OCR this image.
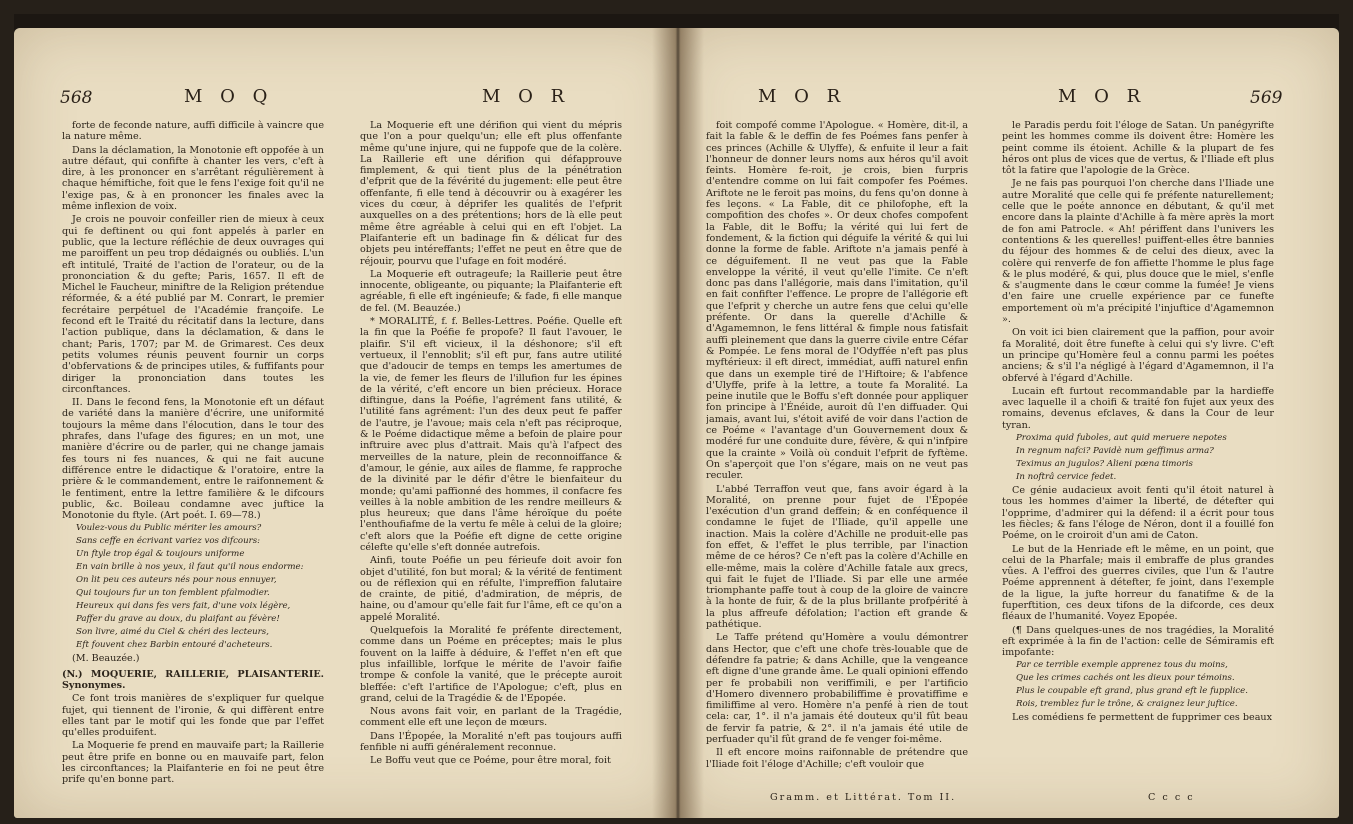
568	M O Q	M O R

forte de feconde nature, auffi difficile à vaincre que la nature même.

Dans la déclamation, la Monotonie eft oppofée à un autre défaut, qui confifte à chanter les vers, c'eft à dire, à les prononcer en s'arrêtant régulièrement à chaque hémiftiche, foit que le fens l'exige foit qu'il ne l'exige pas, & à en prononcer les finales avec la même inflexion de voix.

Je crois ne pouvoir confeiller rien de mieux à ceux qui fe deftinent ou qui font appelés à parler en public, que la lecture réfléchie de deux ouvrages qui me paroiffent un peu trop dédaignés ou oubliés. L'un eft intitulé, Traité de l'action de l'orateur, ou de la prononciation & du gefte; Paris, 1657. Il eft de Michel le Faucheur, miniftre de la Religion prétendue réformée, & a été publié par M. Conrart, le premier fecrétaire perpétuel de l'Académie françoife. Le fecond eft le Traité du récitatif dans la lecture, dans l'action publique, dans la déclamation, & dans le chant; Paris, 1707; par M. de Grimarest. Ces deux petits volumes réunis peuvent fournir un corps d'obfervations & de principes utiles, & fuffifants pour diriger la prononciation dans toutes les circonftances.

II. Dans le fecond fens, la Monotonie eft un défaut de variété dans la manière d'écrire, une uniformité toujours la même dans l'élocution, dans le tour des phrafes, dans l'ufage des figures; en un mot, une manière d'écrire ou de parler, qui ne change jamais fes tours ni fes nuances, & qui ne fait aucune différence entre le didactique & l'oratoire, entre la prière & le commandement, entre le raifonnement & le fentiment, entre la lettre familière & le difcours public, &c. Boileau condamne avec juftice la Monotonie du ftyle. (Art poét. I. 69—78.)

Voulez-vous du Public mériter les amours?

Sans ceffe en écrivant variez vos difcours:

Un ftyle trop égal & toujours uniforme

En vain brille à nos yeux, il faut qu'il nous endorme:

On lit peu ces auteurs nés pour nous ennuyer,

Qui toujours fur un ton femblent pfalmodier.

Heureux qui dans fes vers fait, d'une voix légère,

Paffer du grave au doux, du plaifant au févère!

Son livre, aimé du Ciel & chéri des lecteurs,

Eft fouvent chez Barbin entouré d'acheteurs.

(M. Beauzée.)

(N.) MOQUERIE, RAILLERIE, PLAISANTERIE. Synonymes.

Ce font trois manières de s'expliquer fur quelque fujet, qui tiennent de l'ironie, & qui diffèrent entre elles tant par le motif qui les fonde que par l'effet qu'elles produifent.

La Moquerie fe prend en mauvaife part; la Raillerie peut être prife en bonne ou en mauvaife part, felon les circonftances; la Plaifanterie en foi ne peut être prife qu'en bonne part.

La Moquerie eft une dérifion qui vient du mépris que l'on a pour quelqu'un; elle eft plus offenfante même qu'une injure, qui ne fuppofe que de la colère. La Raillerie eft une dérifion qui défapprouve fimplement, & qui tient plus de la pénétration d'efprit que de la févérité du jugement: elle peut être offenfante, fi elle tend à découvrir ou à exagérer les vices du cœur, à déprifer les qualités de l'efprit auxquelles on a des prétentions; hors de là elle peut même être agréable à celui qui en eft l'objet. La Plaifanterie eft un badinage fin & délicat fur des objets peu intéreffants; l'effet ne peut en être que de réjouir, pourvu que l'ufage en foit modéré.

La Moquerie eft outrageufe; la Raillerie peut être innocente, obligeante, ou piquante; la Plaifanterie eft agréable, fi elle eft ingénieufe; & fade, fi elle manque de fel. (M. Beauzée.)

* MORALITÉ, f. f. Belles-Lettres. Poéfie. Quelle eft la fin que la Poéfie fe propofe? Il faut l'avouer, le plaifir. S'il eft vicieux, il la déshonore; s'il eft vertueux, il l'ennoblit; s'il eft pur, fans autre utilité que d'adoucir de temps en temps les amertumes de la vie, de femer les fleurs de l'illufion fur les épines de la vérité, c'eft encore un bien précieux. Horace diftingue, dans la Poéfie, l'agrément fans utilité, & l'utilité fans agrément: l'un des deux peut fe paffer de l'autre, je l'avoue; mais cela n'eft pas réciproque, & le Poéme didactique même a befoin de plaire pour inftruire avec plus d'attrait. Mais qu'à l'afpect des merveilles de la nature, plein de reconnoiffance & d'amour, le génie, aux ailes de flamme, fe rapproche de la divinité par le défir d'être le bienfaiteur du monde; qu'ami paffionné des hommes, il confacre fes veilles à la noble ambition de les rendre meilleurs & plus heureux; que dans l'âme héroïque du poéte l'enthoufiafme de la vertu fe mêle à celui de la gloire; c'eft alors que la Poéfie eft digne de cette origine célefte qu'elle s'eft donnée autrefois.

Ainfi, toute Poéfie un peu férieufe doit avoir fon objet d'utilité, fon but moral; & la vérité de fentiment ou de réflexion qui en réfulte, l'impreffion falutaire de crainte, de pitié, d'admiration, de mépris, de haine, ou d'amour qu'elle fait fur l'âme, eft ce qu'on a appelé Moralité.

Quelquefois la Moralité fe préfente directement, comme dans un Poéme en préceptes; mais le plus fouvent on la laiffe à déduire, & l'effet n'en eft que plus infaillible, lorfque le mérite de l'avoir faifie trompe & confole la vanité, que le précepte auroit bleffée: c'eft l'artifice de l'Apologue; c'eft, plus en grand, celui de la Tragédie & de l'Epopée.

Nous avons fait voir, en parlant de la Tragédie, comment elle eft une leçon de mœurs.

Dans l'Épopée, la Moralité n'eft pas toujours auffi fenfible ni auffi généralement reconnue.

Le Boffu veut que ce Poéme, pour être moral, foit

M O R	M O R	569

foit compofé comme l'Apologue. « Homère, dit-il, a fait la fable & le deffin de fes Poémes fans penfer à ces princes (Achille & Ulyffe), & enfuite il leur a fait l'honneur de donner leurs noms aux héros qu'il avoit feints. Homère fe-roit, je crois, bien furpris d'entendre comme on lui fait compofer fes Poémes. Ariftote ne le feroit pas moins, du fens qu'on donne à fes leçons. « La Fable, dit ce philofophe, eft la compofition des chofes ». Or deux chofes compofent la Fable, dit le Boffu; la vérité qui lui fert de fondement, & la fiction qui déguife la vérité & qui lui donne la forme de fable. Ariftote n'a jamais penfé à ce déguifement. Il ne veut pas que la Fable enveloppe la vérité, il veut qu'elle l'imite. Ce n'eft donc pas dans l'allégorie, mais dans l'imitation, qu'il en fait confifter l'effence. Le propre de l'allégorie eft que l'efprit y cherche un autre fens que celui qu'elle préfente. Or dans la querelle d'Achille & d'Agamemnon, le fens littéral & fimple nous fatisfait auffi pleinement que dans la guerre civile entre Céfar & Pompée. Le fens moral de l'Odyffée n'eft pas plus myftérieux: il eft direct, immédiat, auffi naturel enfin que dans un exemple tiré de l'Hiftoire; & l'abfence d'Ulyffe, prife à la lettre, a toute fa Moralité. La peine inutile que le Boffu s'eft donnée pour appliquer fon principe à l'Énéide, auroit dû l'en diffuader. Qui jamais, avant lui, s'étoit avifé de voir dans l'action de ce Poéme « l'avantage d'un Gouvernement doux & modéré fur une conduite dure, févère, & qui n'infpire que la crainte » Voilà où conduit l'efprit de fyftème. On s'aperçoit que l'on s'égare, mais on ne veut pas reculer.

L'abbé Terraffon veut que, fans avoir égard à la Moralité, on prenne pour fujet de l'Épopée l'exécution d'un grand deffein; & en conféquence il condamne le fujet de l'Iliade, qu'il appelle une inaction. Mais la colère d'Achille ne produit-elle pas fon effet, & l'effet le plus terrible, par l'inaction même de ce héros? Ce n'eft pas la colère d'Achille en elle-même, mais la colère d'Achille fatale aux grecs, qui fait le fujet de l'Iliade. Si par elle une armée triomphante paffe tout à coup de la gloire de vaincre à la honte de fuir, & de la plus brillante profpérité à la plus affreufe défolation; l'action eft grande & pathétique.

Le Taffe prétend qu'Homère a voulu démontrer dans Hector, que c'eft une chofe très-louable que de défendre fa patrie; & dans Achille, que la vengeance eft digne d'une grande âme. Le quali opinioni effendo per fe probabili non veriffimili, e per l'artificio d'Homero divennero probabiliffime è provatiffime e fimiliffime al vero. Homère n'a penfé à rien de tout cela: car, 1°. il n'a jamais été douteux qu'il fût beau de fervir fa patrie, & 2°. il n'a jamais été utile de perfuader qu'il fût grand de fe venger foi-même.

Il eft encore moins raifonnable de prétendre que l'Iliade foit l'éloge d'Achille; c'eft vouloir que

le Paradis perdu foit l'éloge de Satan. Un panégyrifte peint les hommes comme ils doivent être: Homère les peint comme ils étoient. Achille & la plupart de fes héros ont plus de vices que de vertus, & l'Iliade eft plus tôt la fatire que l'apologie de la Grèce.

Je ne fais pas pourquoi l'on cherche dans l'Iliade une autre Moralité que celle qui fe préfente naturellement; celle que le poéte annonce en débutant, & qu'il met encore dans la plainte d'Achille à fa mère après la mort de fon ami Patrocle. « Ah! périffent dans l'univers les contentions & les querelles! puiffent-elles être bannies du féjour des hommes & de celui des dieux, avec la colère qui renverfe de fon affiette l'homme le plus fage & le plus modéré, & qui, plus douce que le miel, s'enfle & s'augmente dans le cœur comme la fumée! Je viens d'en faire une cruelle expérience par ce funefte emportement où m'a précipité l'injuftice d'Agamemnon ».

On voit ici bien clairement que la paffion, pour avoir fa Moralité, doit être funefte à celui qui s'y livre. C'eft un principe qu'Homère feul a connu parmi les poétes anciens; & s'il l'a négligé à l'égard d'Agamemnon, il l'a obfervé à l'égard d'Achille.

Lucain eft furtout recommandable par la hardieffe avec laquelle il a choifi & traité fon fujet aux yeux des romains, devenus efclaves, & dans la Cour de leur tyran.

Proxima quid fuboles, aut quid meruere nepotes

In regnum nafci? Pavidè num geffimus arma?

Teximus an jugulos? Alieni pœna timoris

In noftrâ cervice fedet.

Ce génie audacieux avoit fenti qu'il étoit naturel à tous les hommes d'aimer la liberté, de détefter qui l'opprime, d'admirer qui la défend: il a écrit pour tous les fiècles; & fans l'éloge de Néron, dont il a fouillé fon Poéme, on le croiroit d'un ami de Caton.

Le but de la Henriade eft le même, en un point, que celui de la Pharfale; mais il embraffe de plus grandes vûes. A l'effroi des guerres civiles, que l'un & l'autre Poéme apprennent à détefter, fe joint, dans l'exemple de la ligue, la jufte horreur du fanatifme & de la fuperftition, ces deux tifons de la difcorde, ces deux fléaux de l'humanité. Voyez Epopée.

(¶ Dans quelques-unes de nos tragédies, la Moralité eft exprimée à la fin de l'action: celle de Sémiramis eft impofante:

Par ce terrible exemple apprenez tous du moins,

Que les crimes cachés ont les dieux pour témoins.

Plus le coupable eft grand, plus grand eft le fupplice.

Rois, tremblez fur le trône, & craignez leur juftice.

Les comédiens fe permettent de fupprimer ces beaux

Gramm. et Littérat. Tom II.	C c c c
